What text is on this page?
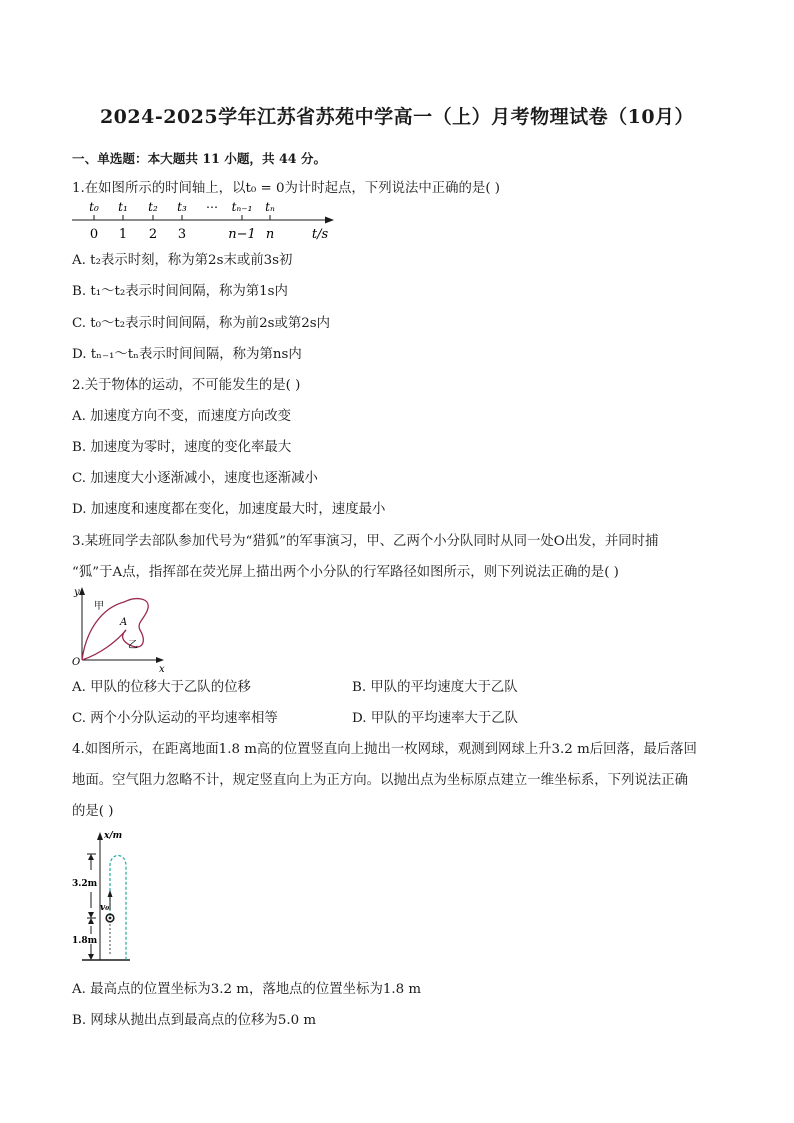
2024-2025学年江苏省苏苑中学高一（上）月考物理试卷（10月）
一、单选题：本大题共 11 小题，共 44 分。
1.在如图所示的时间轴上，以t₀ = 0为计时起点，下列说法中正确的是( )
t₀ t₁ t₂ t₃ ⋯ tₙ₋₁ tₙ
0 1 2 3	n−1 n	t/s
A. t₂表示时刻，称为第2s末或前3s初
B. t₁～t₂表示时间间隔，称为第1s内
C. t₀～t₂表示时间间隔，称为前2s或第2s内
D. tₙ₋₁～tₙ表示时间间隔，称为第ns内
2.关于物体的运动，不可能发生的是( )
A. 加速度方向不变，而速度方向改变
B. 加速度为零时，速度的变化率最大
C. 加速度大小逐渐减小，速度也逐渐减小
D. 加速度和速度都在变化，加速度最大时，速度最小
3.某班同学去部队参加代号为“猎狐”的军事演习，甲、乙两个小分队同时从同一处O出发，并同时捕
“狐”于A点，指挥部在荧光屏上描出两个小分队的行军路径如图所示，则下列说法正确的是( )
y
x
O
甲
乙
A
A. 甲队的位移大于乙队的位移	B. 甲队的平均速度大于乙队
C. 两个小分队运动的平均速率相等	D. 甲队的平均速率大于乙队
4.如图所示，在距离地面1.8 m高的位置竖直向上抛出一枚网球，观测到网球上升3.2 m后回落，最后落回
地面。空气阻力忽略不计，规定竖直向上为正方向。以抛出点为坐标原点建立一维坐标系，下列说法正确
的是( )
x/m
3.2m
1.8m
v₀
A. 最高点的位置坐标为3.2 m，落地点的位置坐标为1.8 m
B. 网球从抛出点到最高点的位移为5.0 m
